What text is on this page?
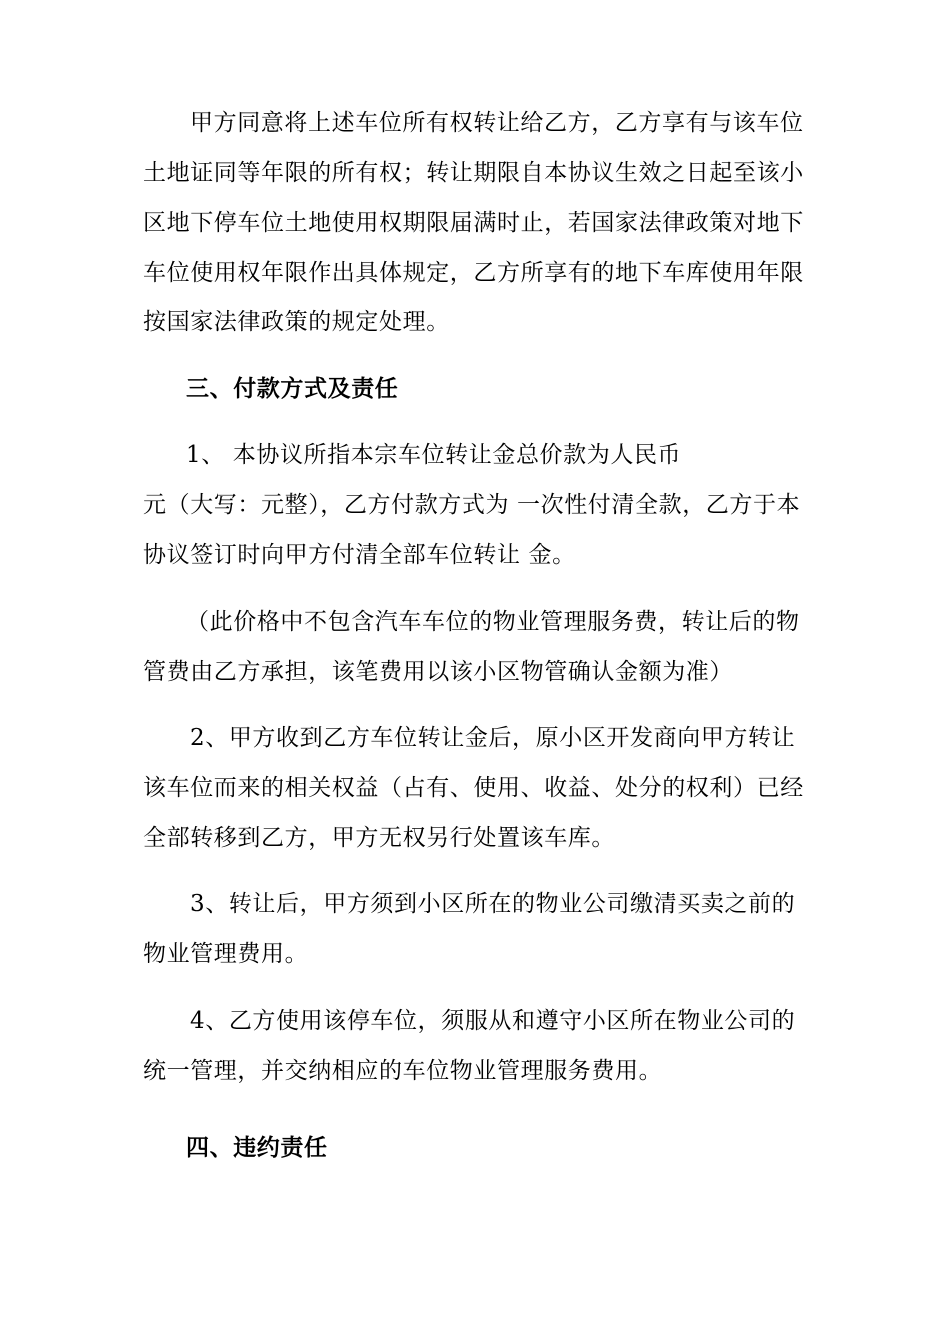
甲方同意将上述车位所有权转让给乙方，乙方享有与该车位
土地证同等年限的所有权；转让期限自本协议生效之日起至该小
区地下停车位土地使用权期限届满时止，若国家法律政策对地下
车位使用权年限作出具体规定，乙方所享有的地下车库使用年限
按国家法律政策的规定处理。
三、付款方式及责任
1、 本协议所指本宗车位转让金总价款为人民币
元（大写：元整），乙方付款方式为 一次性付清全款，乙方于本
协议签订时向甲方付清全部车位转让 金。
（此价格中不包含汽车车位的物业管理服务费，转让后的物
管费由乙方承担，该笔费用以该小区物管确认金额为准）
2、甲方收到乙方车位转让金后，原小区开发商向甲方转让
该车位而来的相关权益（占有、使用、收益、处分的权利）已经
全部转移到乙方，甲方无权另行处置该车库。
3、转让后，甲方须到小区所在的物业公司缴清买卖之前的
物业管理费用。
4、乙方使用该停车位，须服从和遵守小区所在物业公司的
统一管理，并交纳相应的车位物业管理服务费用。
四、违约责任
